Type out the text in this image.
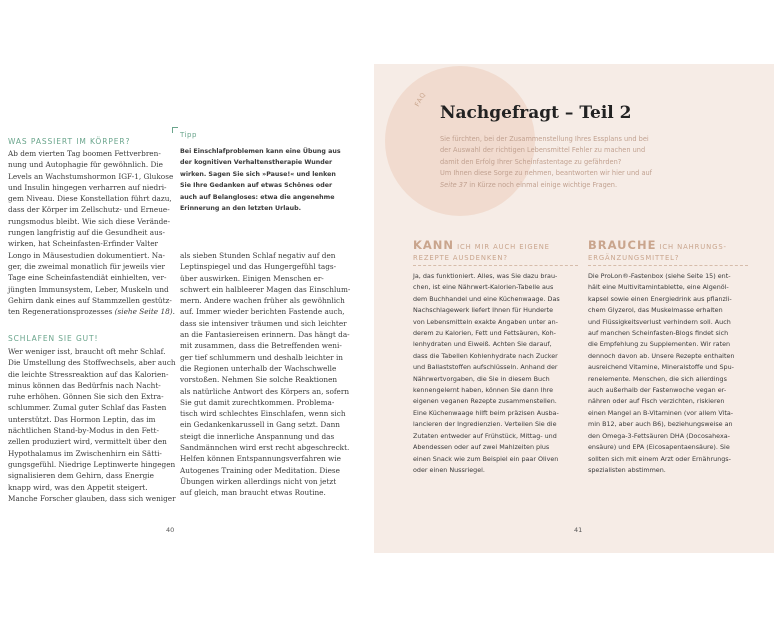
WAS PASSIERT IM KÖRPER?

Ab dem vierten Tag boomen Fettverbren-

nung und Autophagie für gewöhnlich. Die

Levels an Wachstumshormon IGF-1, Glukose

und Insulin hingegen verharren auf niedri-

gem Niveau. Diese Konstellation führt dazu,

dass der Körper im Zellschutz- und Erneue-

rungsmodus bleibt. Wie sich diese Verände-

rungen langfristig auf die Gesundheit aus-

wirken, hat Scheinfasten-Erfinder Valter

Longo in Mäusestudien dokumentiert. Na-

ger, die zweimal monatlich für jeweils vier

Tage eine Scheinfastendiät einhielten, ver-

jüngten Immunsystem, Leber, Muskeln und

Gehirn dank eines auf Stammzellen gestütz-

ten Regenerationsprozesses (siehe Seite 18).

SCHLAFEN SIE GUT!

Wer weniger isst, braucht oft mehr Schlaf.

Die Umstellung des Stoffwechsels, aber auch

die leichte Stressreaktion auf das Kalorien-

minus können das Bedürfnis nach Nacht-

ruhe erhöhen. Gönnen Sie sich den Extra-

schlummer. Zumal guter Schlaf das Fasten

unterstützt. Das Hormon Leptin, das im

nächtlichen Stand-by-Modus in den Fett-

zellen produziert wird, vermittelt über den

Hypothalamus im Zwischenhirn ein Sätti-

gungsgefühl. Niedrige Leptinwerte hingegen

signalisieren dem Gehirn, dass Energie

knapp wird, was den Appetit steigert.

Manche Forscher glauben, dass sich weniger

Tipp

Bei Einschlafproblemen kann eine Übung aus

der kognitiven Verhaltenstherapie Wunder

wirken. Sagen Sie sich »Pause!« und lenken

Sie Ihre Gedanken auf etwas Schönes oder

auch auf Belangloses: etwa die angenehme

Erinnerung an den letzten Urlaub.

als sieben Stunden Schlaf negativ auf den

Leptinspiegel und das Hungergefühl tags-

über auswirken. Einigen Menschen er-

schwert ein halbleerer Magen das Einschlum-

mern. Andere wachen früher als gewöhnlich

auf. Immer wieder berichten Fastende auch,

dass sie intensiver träumen und sich leichter

an die Fantasiereisen erinnern. Das hängt da-

mit zusammen, dass die Betreffenden weni-

ger tief schlummern und deshalb leichter in

die Regionen unterhalb der Wachschwelle

vorstoßen. Nehmen Sie solche Reaktionen

als natürliche Antwort des Körpers an, sofern

Sie gut damit zurechtkommen. Problema-

tisch wird schlechtes Einschlafen, wenn sich

ein Gedankenkarussell in Gang setzt. Dann

steigt die innerliche Anspannung und das

Sandmännchen wird erst recht abgeschreckt.

Helfen können Entspannungsverfahren wie

Autogenes Training oder Meditation. Diese

Übungen wirken allerdings nicht von jetzt

auf gleich, man braucht etwas Routine.

40
FAQ
Nachgefragt – Teil 2

Sie fürchten, bei der Zusammenstellung Ihres Essplans und bei

der Auswahl der richtigen Lebensmittel Fehler zu machen und

damit den Erfolg Ihrer Scheinfastentage zu gefährden?

Um Ihnen diese Sorge zu nehmen, beantworten wir hier und auf

Seite 37 in Kürze noch einmal einige wichtige Fragen.

KANN ICH MIR AUCH EIGENE
REZEPTE AUSDENKEN?

Ja, das funktioniert. Alles, was Sie dazu brau-

chen, ist eine Nährwert-Kalorien-Tabelle aus

dem Buchhandel und eine Küchenwaage. Das

Nachschlagewerk liefert Ihnen für Hunderte

von Lebensmitteln exakte Angaben unter an-

derem zu Kalorien, Fett und Fettsäuren, Koh-

lenhydraten und Eiweiß. Achten Sie darauf,

dass die Tabellen Kohlenhydrate nach Zucker

und Ballaststoffen aufschlüsseln. Anhand der

Nährwertvorgaben, die Sie in diesem Buch

kennengelernt haben, können Sie dann Ihre

eigenen veganen Rezepte zusammenstellen.

Eine Küchenwaage hilft beim präzisen Ausba-

lancieren der Ingredienzien. Verteilen Sie die

Zutaten entweder auf Frühstück, Mittag- und

Abendessen oder auf zwei Mahlzeiten plus

einen Snack wie zum Beispiel ein paar Oliven

oder einen Nussriegel.

BRAUCHE ICH NAHRUNGS-
ERGÄNZUNGSMITTEL?

Die ProLon®-Fastenbox (siehe Seite 15) ent-

hält eine Multivitamintablette, eine Algenöl-

kapsel sowie einen Energiedrink aus pflanzli-

chem Glyzerol, das Muskelmasse erhalten

und Flüssigkeitsverlust verhindern soll. Auch

auf manchen Scheinfasten-Blogs findet sich

die Empfehlung zu Supplementen. Wir raten

dennoch davon ab. Unsere Rezepte enthalten

ausreichend Vitamine, Mineralstoffe und Spu-

renelemente. Menschen, die sich allerdings

auch außerhalb der Fastenwoche vegan er-

nähren oder auf Fisch verzichten, riskieren

einen Mangel an B-Vitaminen (vor allem Vita-

min B12, aber auch B6), beziehungsweise an

den Omega-3-Fettsäuren DHA (Docosahexa-

ensäure) und EPA (Eicosapentaensäure). Sie

sollten sich mit einem Arzt oder Ernährungs-

spezialisten abstimmen.

41
